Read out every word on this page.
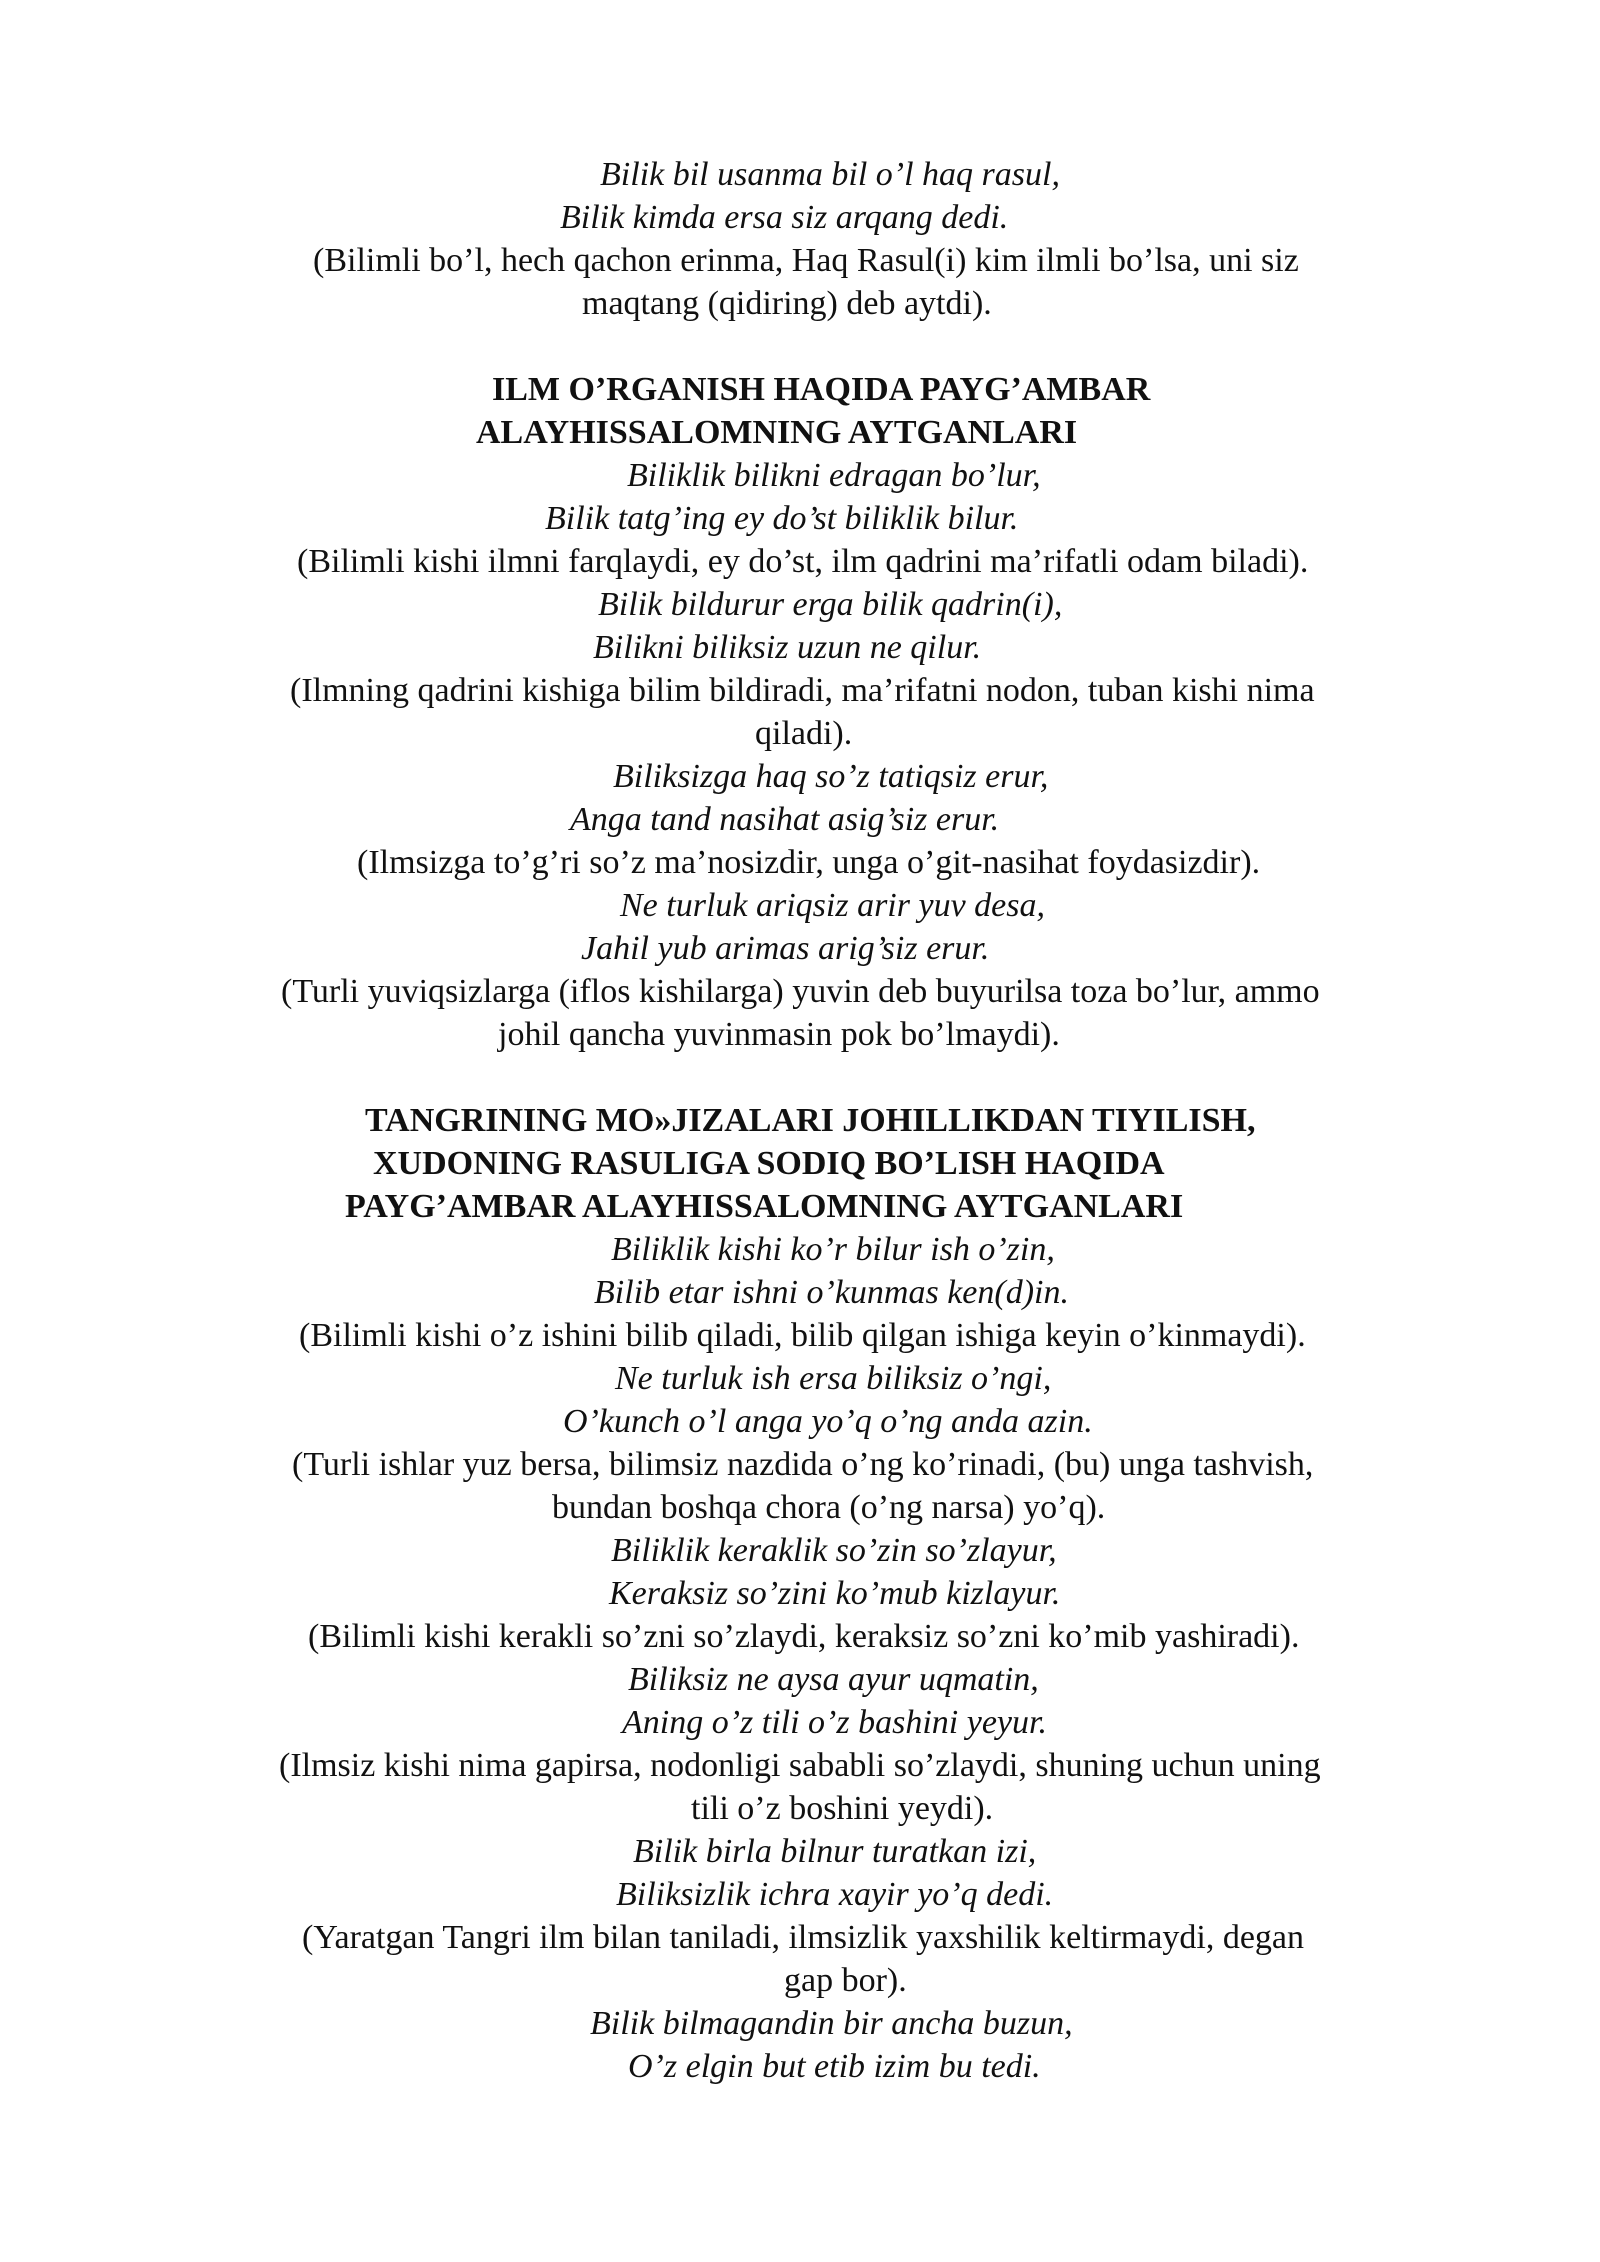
Bilik bil usanma bil o’l haq rasul,

Bilik kimda ersa siz arqang dedi.

(Bilimli bo’l, hech qachon erinma, Haq Rasul(i) kim ilmli bo’lsa, uni siz

maqtang (qidiring) deb aytdi).

ILM O’RGANISH HAQIDA PAYG’AMBAR

ALAYHISSALOMNING AYTGANLARI

Biliklik bilikni edragan bo’lur,

Bilik tatg’ing ey do’st biliklik bilur.

(Bilimli kishi ilmni farqlaydi, ey do’st, ilm qadrini ma’rifatli odam biladi).

Bilik bildurur erga bilik qadrin(i),

Bilikni biliksiz uzun ne qilur.

(Ilmning qadrini kishiga bilim bildiradi, ma’rifatni nodon, tuban kishi nima

qiladi).

Biliksizga haq so’z tatiqsiz erur,

Anga tand nasihat asig’siz erur.

(Ilmsizga to’g’ri so’z ma’nosizdir, unga o’git-nasihat foydasizdir).

Ne turluk ariqsiz arir yuv desa,

Jahil yub arimas arig’siz erur.

(Turli yuviqsizlarga (iflos kishilarga) yuvin deb buyurilsa toza bo’lur, ammo

johil qancha yuvinmasin pok bo’lmaydi).

TANGRINING MO»JIZALARI JOHILLIKDAN TIYILISH,

XUDONING RASULIGA SODIQ BO’LISH HAQIDA

PAYG’AMBAR ALAYHISSALOMNING AYTGANLARI

Biliklik kishi ko’r bilur ish o’zin,

Bilib etar ishni o’kunmas ken(d)in.

(Bilimli kishi o’z ishini bilib qiladi, bilib qilgan ishiga keyin o’kinmaydi).

Ne turluk ish ersa biliksiz o’ngi,

O’kunch o’l anga yo’q o’ng anda azin.

(Turli ishlar yuz bersa, bilimsiz nazdida o’ng ko’rinadi, (bu) unga tashvish,

bundan boshqa chora (o’ng narsa) yo’q).

Biliklik keraklik so’zin so’zlayur,

Keraksiz so’zini ko’mub kizlayur.

(Bilimli kishi kerakli so’zni so’zlaydi, keraksiz so’zni ko’mib yashiradi).

Biliksiz ne aysa ayur uqmatin,

Aning o’z tili o’z bashini yeyur.

(Ilmsiz kishi nima gapirsa, nodonligi sababli so’zlaydi, shuning uchun uning

tili o’z boshini yeydi).

Bilik birla bilnur turatkan izi,

Biliksizlik ichra xayir yo’q dedi.

(Yaratgan Tangri ilm bilan taniladi, ilmsizlik yaxshilik keltirmaydi, degan

gap bor).

Bilik bilmagandin bir ancha buzun,

O’z elgin but etib izim bu tedi.
